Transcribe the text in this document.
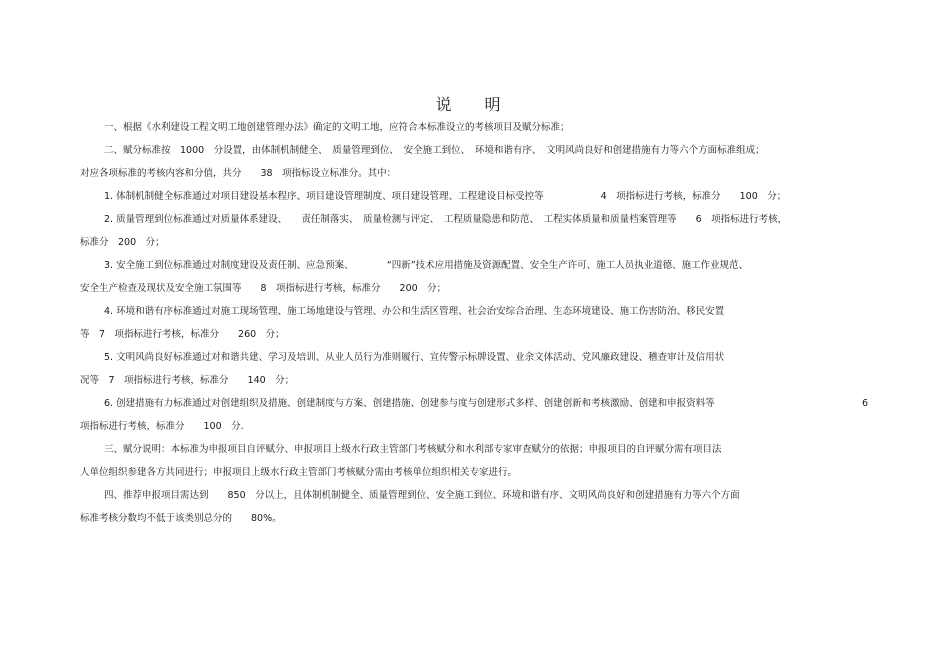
说 明
一、根据《水利建设工程文明工地创建管理办法》确定的文明工地，应符合本标准设立的考核项目及赋分标准；
二、赋分标准按　1000　分设置，由体制机制健全、　质量管理到位、　安全施工到位、　环境和谐有序、　文明风尚良好和创建措施有力等六个方面标准组成；
对应各项标准的考核内容和分值，共分　　38　项指标设立标准分。其中：
1. 体制机制健全标准通过对项目建设基本程序、项目建设管理制度、项目建设管理、工程建设目标受控等　　　　　　4　项指标进行考核，标准分　　100　分；
2. 质量管理到位标准通过对质量体系建设、　　责任制落实、　质量检测与评定、　工程质量隐患和防范、　工程实体质量和质量档案管理等　　6　项指标进行考核，
标准分　200　分；
3. 安全施工到位标准通过对制度建设及责任制、应急预案、　　　　“四新”技术应用措施及资源配置、安全生产许可、施工人员执业道德、施工作业规范、
安全生产检查及现状及安全施工氛围等　　8　项指标进行考核，标准分　　200　分；
4. 环境和谐有序标准通过对施工现场管理、施工场地建设与管理、办公和生活区管理、社会治安综合治理、生态环境建设、施工伤害防治、移民安置
等　7　项指标进行考核，标准分　　260　分；
5. 文明风尚良好标准通过对和谐共建、学习及培训、从业人员行为准则履行、宣传警示标牌设置、业余文体活动、党风廉政建设、稽查审计及信用状
况等　7　项指标进行考核，标准分　　140　分；
6. 创建措施有力标准通过对创建组织及措施、创建制度与方案、创建措施、创建参与度与创建形式多样、创建创新和考核激励、创建和申报资料等
项指标进行考核，标准分　　100　分.
6
三、赋分说明：本标准为申报项目自评赋分、申报项目上级水行政主管部门考核赋分和水利部专家审查赋分的依据；申报项目的自评赋分需有项目法
人单位组织参建各方共同进行；申报项目上级水行政主管部门考核赋分需由考核单位组织相关专家进行。
四、推荐申报项目需达到　　850　分以上，且体制机制健全、质量管理到位、安全施工到位、环境和谐有序、文明风尚良好和创建措施有力等六个方面
标准考核分数均不低于该类别总分的　　80%。
